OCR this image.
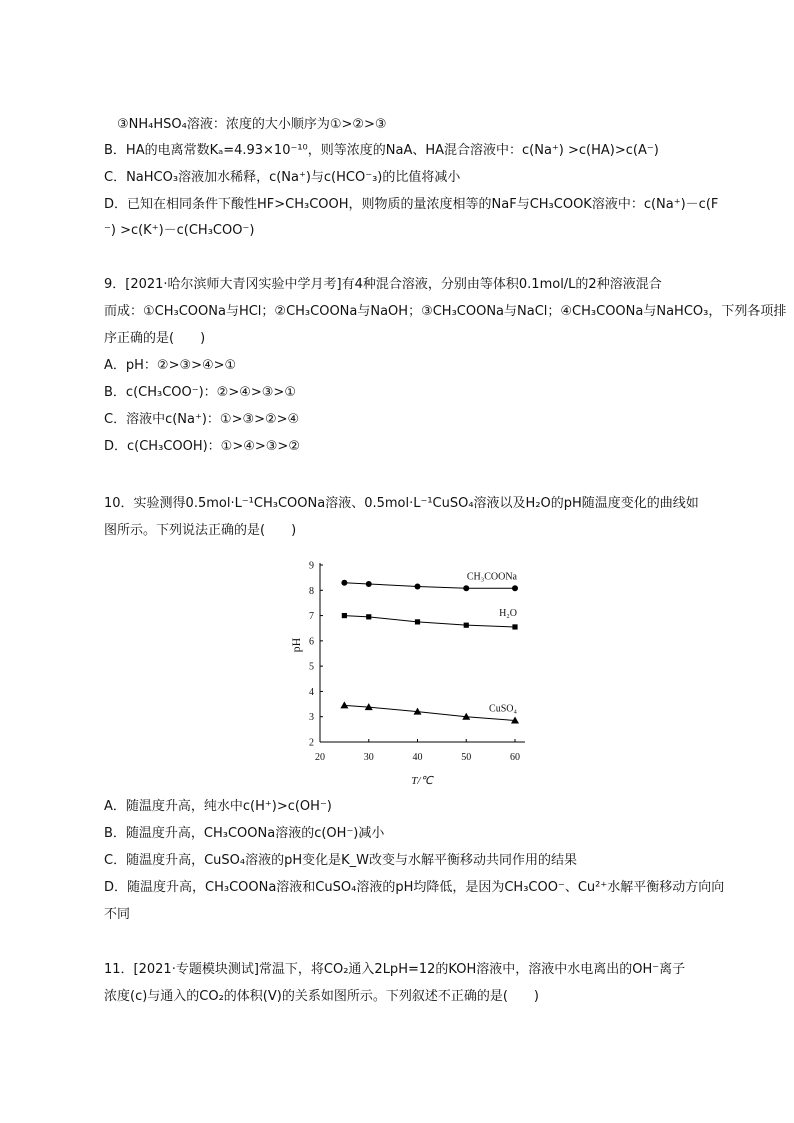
③NH₄HSO₄溶液：浓度的大小顺序为①>②>③
B．HA的电离常数Kₐ=4.93×10⁻¹⁰，则等浓度的NaA、HA混合溶液中：c(Na⁺) >c(HA)>c(A⁻)
C．NaHCO₃溶液加水稀释，c(Na⁺)与c(HCO⁻₃)的比值将减小
D．已知在相同条件下酸性HF>CH₃COOH，则物质的量浓度相等的NaF与CH₃COOK溶液中：c(Na⁺)－c(F
⁻) >c(K⁺)－c(CH₃COO⁻)
9．[2021·哈尔滨师大青冈实验中学月考]有4种混合溶液，分别由等体积0.1mol/L的2种溶液混合
而成：①CH₃COONa与HCl；②CH₃COONa与NaOH；③CH₃COONa与NaCl；④CH₃COONa与NaHCO₃，下列各项排
序正确的是(　　)
A．pH：②>③>④>①
B．c(CH₃COO⁻)：②>④>③>①
C．溶液中c(Na⁺)：①>③>②>④
D．c(CH₃COOH)：①>④>③>②
10．实验测得0.5mol·L⁻¹CH₃COONa溶液、0.5mol·L⁻¹CuSO₄溶液以及H₂O的pH随温度变化的曲线如
图所示。下列说法正确的是(　　)
20	30	40	50	60
2
3
4
5
6
7
8
9
CH₃COONa
H₂O
CuSO₄
T/℃
pH
A．随温度升高，纯水中c(H⁺)>c(OH⁻)
B．随温度升高，CH₃COONa溶液的c(OH⁻)减小
C．随温度升高，CuSO₄溶液的pH变化是K_W改变与水解平衡移动共同作用的结果
D．随温度升高，CH₃COONa溶液和CuSO₄溶液的pH均降低，是因为CH₃COO⁻、Cu²⁺水解平衡移动方向向
不同
11．[2021·专题模块测试]常温下，将CO₂通入2LpH=12的KOH溶液中，溶液中水电离出的OH⁻离子
浓度(c)与通入的CO₂的体积(V)的关系如图所示。下列叙述不正确的是(　　)
